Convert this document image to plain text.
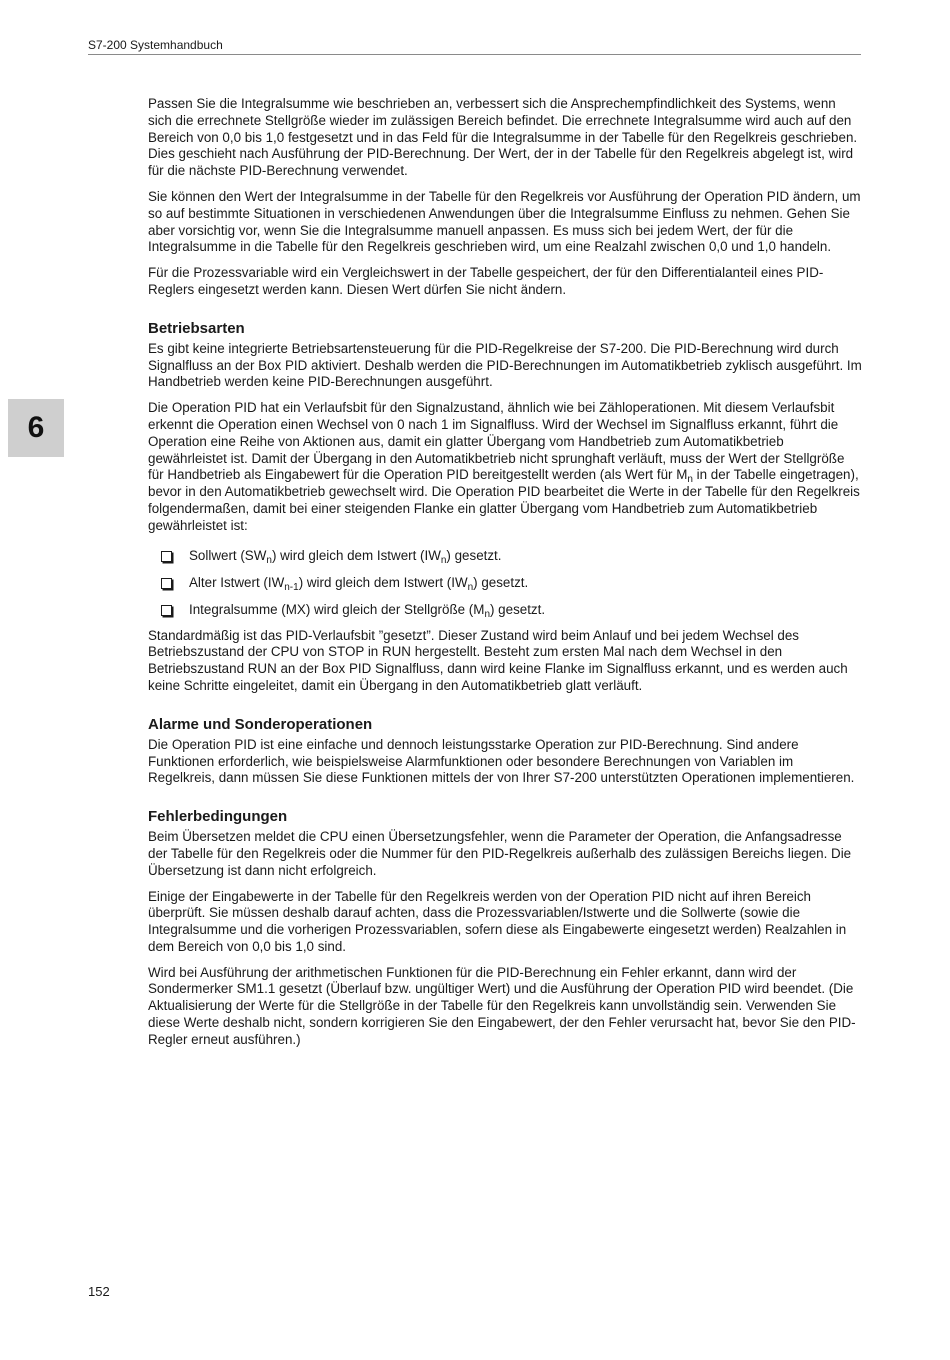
S7-200 Systemhandbuch
6

Passen Sie die Integralsumme wie beschrieben an, verbessert sich die Ansprechempfindlichkeit des Systems, wenn sich die errechnete Stellgröße wieder im zulässigen Bereich befindet. Die errechnete Integralsumme wird auch auf den Bereich von 0,0 bis 1,0 festgesetzt und in das Feld für die Integralsumme in der Tabelle für den Regelkreis geschrieben. Dies geschieht nach Ausführung der PID-Berechnung. Der Wert, der in der Tabelle für den Regelkreis abgelegt ist, wird für die nächste PID-Berechnung verwendet.

Sie können den Wert der Integralsumme in der Tabelle für den Regelkreis vor Ausführung der Operation PID ändern, um so auf bestimmte Situationen in verschiedenen Anwendungen über die Integralsumme Einfluss zu nehmen. Gehen Sie aber vorsichtig vor, wenn Sie die Integralsumme manuell anpassen. Es muss sich bei jedem Wert, der für die Integralsumme in die Tabelle für den Regelkreis geschrieben wird, um eine Realzahl zwischen 0,0 und 1,0 handeln.

Für die Prozessvariable wird ein Vergleichswert in der Tabelle gespeichert, der für den Differentialanteil eines PID-Reglers eingesetzt werden kann. Diesen Wert dürfen Sie nicht ändern.

Betriebsarten

Es gibt keine integrierte Betriebsartensteuerung für die PID-Regelkreise der S7-200. Die PID-Berechnung wird durch Signalfluss an der Box PID aktiviert. Deshalb werden die PID-Berechnungen im Automatikbetrieb zyklisch ausgeführt. Im Handbetrieb werden keine PID-Berechnungen ausgeführt.

Die Operation PID hat ein Verlaufsbit für den Signalzustand, ähnlich wie bei Zähloperationen. Mit diesem Verlaufsbit erkennt die Operation einen Wechsel von 0 nach 1 im Signalfluss. Wird der Wechsel im Signalfluss erkannt, führt die Operation eine Reihe von Aktionen aus, damit ein glatter Übergang vom Handbetrieb zum Automatikbetrieb gewährleistet ist. Damit der Übergang in den Automatikbetrieb nicht sprunghaft verläuft, muss der Wert der Stellgröße für Handbetrieb als Eingabewert für die Operation PID bereitgestellt werden (als Wert für $M_n$ in der Tabelle eingetragen), bevor in den Automatikbetrieb gewechselt wird. Die Operation PID bearbeitet die Werte in der Tabelle für den Regelkreis folgendermaßen, damit bei einer steigenden Flanke ein glatter Übergang vom Handbetrieb zum Automatikbetrieb gewährleistet ist:

Sollwert $(SW_n)$ wird gleich dem Istwert $(IW_n)$ gesetzt.
Alter Istwert $(IW_{n-1})$ wird gleich dem Istwert $(IW_n)$ gesetzt.
Integralsumme (MX) wird gleich der Stellgröße $(M_n)$ gesetzt.

Standardmäßig ist das PID-Verlaufsbit ”gesetzt”. Dieser Zustand wird beim Anlauf und bei jedem Wechsel des Betriebszustand der CPU von STOP in RUN hergestellt. Besteht zum ersten Mal nach dem Wechsel in den Betriebszustand RUN an der Box PID Signalfluss, dann wird keine Flanke im Signalfluss erkannt, und es werden auch keine Schritte eingeleitet, damit ein Übergang in den Automatikbetrieb glatt verläuft.

Alarme und Sonderoperationen

Die Operation PID ist eine einfache und dennoch leistungsstarke Operation zur PID-Berechnung. Sind andere Funktionen erforderlich, wie beispielsweise Alarmfunktionen oder besondere Berechnungen von Variablen im Regelkreis, dann müssen Sie diese Funktionen mittels der von Ihrer S7-200 unterstützten Operationen implementieren.

Fehlerbedingungen

Beim Übersetzen meldet die CPU einen Übersetzungsfehler, wenn die Parameter der Operation, die Anfangsadresse der Tabelle für den Regelkreis oder die Nummer für den PID-Regelkreis außerhalb des zulässigen Bereichs liegen. Die Übersetzung ist dann nicht erfolgreich.

Einige der Eingabewerte in der Tabelle für den Regelkreis werden von der Operation PID nicht auf ihren Bereich überprüft. Sie müssen deshalb darauf achten, dass die Prozessvariablen/Istwerte und die Sollwerte (sowie die Integralsumme und die vorherigen Prozessvariablen, sofern diese als Eingabewerte eingesetzt werden) Realzahlen in dem Bereich von 0,0 bis 1,0 sind.

Wird bei Ausführung der arithmetischen Funktionen für die PID-Berechnung ein Fehler erkannt, dann wird der Sondermerker SM1.1 gesetzt (Überlauf bzw. ungültiger Wert) und die Ausführung der Operation PID wird beendet. (Die Aktualisierung der Werte für die Stellgröße in der Tabelle für den Regelkreis kann unvollständig sein. Verwenden Sie diese Werte deshalb nicht, sondern korrigieren Sie den Eingabewert, der den Fehler verursacht hat, bevor Sie den PID-Regler erneut ausführen.)

152
